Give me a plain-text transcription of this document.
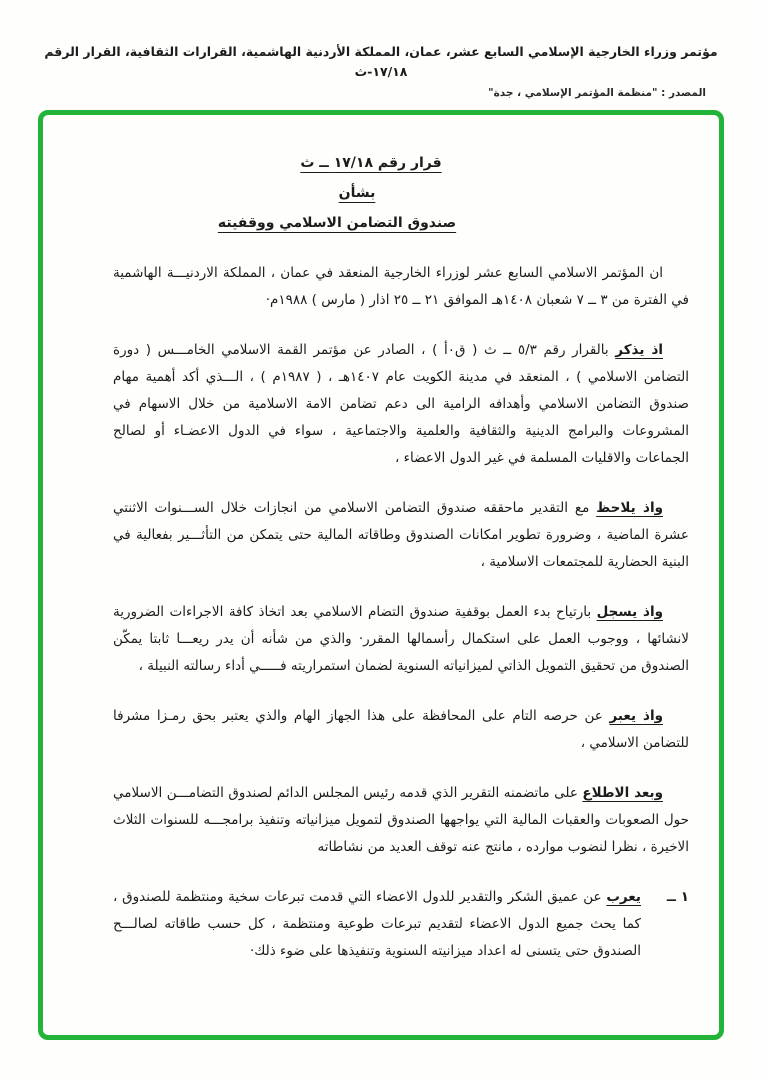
مؤتمر وزراء الخارجية الإسلامي السابع عشر، عمان، المملكة الأردنية الهاشمية، القرارات الثقافية، القرار الرقم ١٧/١٨-ث
المصدر : "منظمة المؤتمر الإسلامي ، جدة"
قرار رقم ١٧/١٨ ــ ث
بشأن
صندوق التضامن الاسلامي ووقفيته
ان المؤتمر الاسلامي السابع عشر لوزراء الخارجية المنعقد في عمان ، المملكة الاردنيـــة الهاشمية في الفترة من ٣ ــ ٧ شعبان ١٤٠٨هـ الموافق ٢١ ــ ٢٥ اذار ( مارس ) ١٩٨٨م·
اذ يذكر بالقرار رقم ٥/٣ ــ ث ( ق٠أ ) ، الصادر عن مؤتمر القمة الاسلامي الخامـــس ( دورة التضامن الاسلامي ) ، المنعقد في مدينة الكويت عام ١٤٠٧هـ ، ( ١٩٨٧م ) ، الـــذي أكد أهمية مهام صندوق التضامن الاسلامي وأهدافه الرامية الى دعم تضامن الامة الاسلامية من خلال الاسهام في المشروعات والبرامج الدينية والثقافية والعلمية والاجتماعية ، سواء في الدول الاعضـاء أو لصالح الجماعات والاقليات المسلمة في غير الدول الاعضاء ،
واذ يلاحظ مع التقدير ماحققه صندوق التضامن الاسلامي من انجازات خلال الســـنوات الاثنتي عشرة الماضية ، وضرورة تطوير امكانات الصندوق وطاقاته المالية حتى يتمكن من التأثـــير بفعالية في البنية الحضارية للمجتمعات الاسلامية ،
واذ يسجل بارتياح بدء العمل بوقفية صندوق التضام الاسلامي بعد اتخاذ كافة الاجراءات الضرورية لانشائها ، ووجوب العمل على استكمال رأسمالها المقرر· والذي من شأنه أن يدر ريعـــا ثابتا يمكّن الصندوق من تحقيق التمويل الذاتي لميزانياته السنوية لضمان استمراريته فـــــي أداء رسالته النبيلة ،
واذ يعبر عن حرصه التام على المحافظة على هذا الجهاز الهام والذي يعتبر بحق رمـزا مشرفا للتضامن الاسلامي ،
وبعد الاطلاع على ماتضمنه التقرير الذي قدمه رئيس المجلس الدائم لصندوق التضامـــن الاسلامي حول الصعوبات والعقبات المالية التي يواجهها الصندوق لتمويل ميزانياته وتنفيذ برامجـــه للسنوات الثلاث الاخيرة ، نظرا لنضوب موارده ، مانتج عنه توقف العديد من نشاطاته
١ ــ
يعرب عن عميق الشكر والتقدير للدول الاعضاء التي قدمت تبرعات سخية ومنتظمة للصندوق ، كما يحث جميع الدول الاعضاء لتقديم تبرعات طوعية ومنتظمة ، كل حسب طاقاته لصالـــح الصندوق حتى يتسنى له اعداد ميزانيته السنوية وتنفيذها على ضوء ذلك·
